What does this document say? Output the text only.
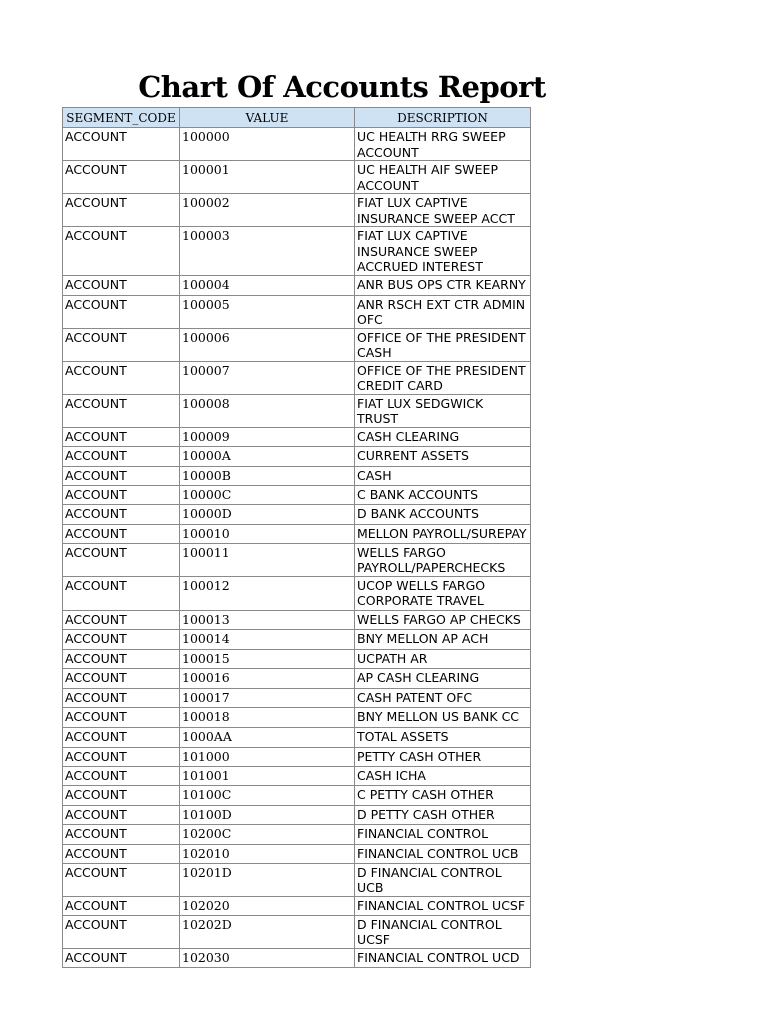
Chart Of Accounts Report
SEGMENT_CODE	VALUE	DESCRIPTION
ACCOUNT	100000	UC HEALTH RRG SWEEP ACCOUNT
ACCOUNT	100001	UC HEALTH AIF SWEEP ACCOUNT
ACCOUNT	100002	FIAT LUX CAPTIVE INSURANCE SWEEP ACCT
ACCOUNT	100003	FIAT LUX CAPTIVE INSURANCE SWEEP ACCRUED INTEREST
ACCOUNT	100004	ANR BUS OPS CTR KEARNY
ACCOUNT	100005	ANR RSCH EXT CTR ADMIN OFC
ACCOUNT	100006	OFFICE OF THE PRESIDENT CASH
ACCOUNT	100007	OFFICE OF THE PRESIDENT CREDIT CARD
ACCOUNT	100008	FIAT LUX SEDGWICK TRUST
ACCOUNT	100009	CASH CLEARING
ACCOUNT	10000A	CURRENT ASSETS
ACCOUNT	10000B	CASH
ACCOUNT	10000C	C BANK ACCOUNTS
ACCOUNT	10000D	D BANK ACCOUNTS
ACCOUNT	100010	MELLON PAYROLL/SUREPAY
ACCOUNT	100011	WELLS FARGO PAYROLL/PAPERCHECKS
ACCOUNT	100012	UCOP WELLS FARGO CORPORATE TRAVEL
ACCOUNT	100013	WELLS FARGO AP CHECKS
ACCOUNT	100014	BNY MELLON AP ACH
ACCOUNT	100015	UCPATH AR
ACCOUNT	100016	AP CASH CLEARING
ACCOUNT	100017	CASH PATENT OFC
ACCOUNT	100018	BNY MELLON US BANK CC
ACCOUNT	1000AA	TOTAL ASSETS
ACCOUNT	101000	PETTY CASH OTHER
ACCOUNT	101001	CASH ICHA
ACCOUNT	10100C	C PETTY CASH OTHER
ACCOUNT	10100D	D PETTY CASH OTHER
ACCOUNT	10200C	FINANCIAL CONTROL
ACCOUNT	102010	FINANCIAL CONTROL UCB
ACCOUNT	10201D	D FINANCIAL CONTROL UCB
ACCOUNT	102020	FINANCIAL CONTROL UCSF
ACCOUNT	10202D	D FINANCIAL CONTROL UCSF
ACCOUNT	102030	FINANCIAL CONTROL UCD
